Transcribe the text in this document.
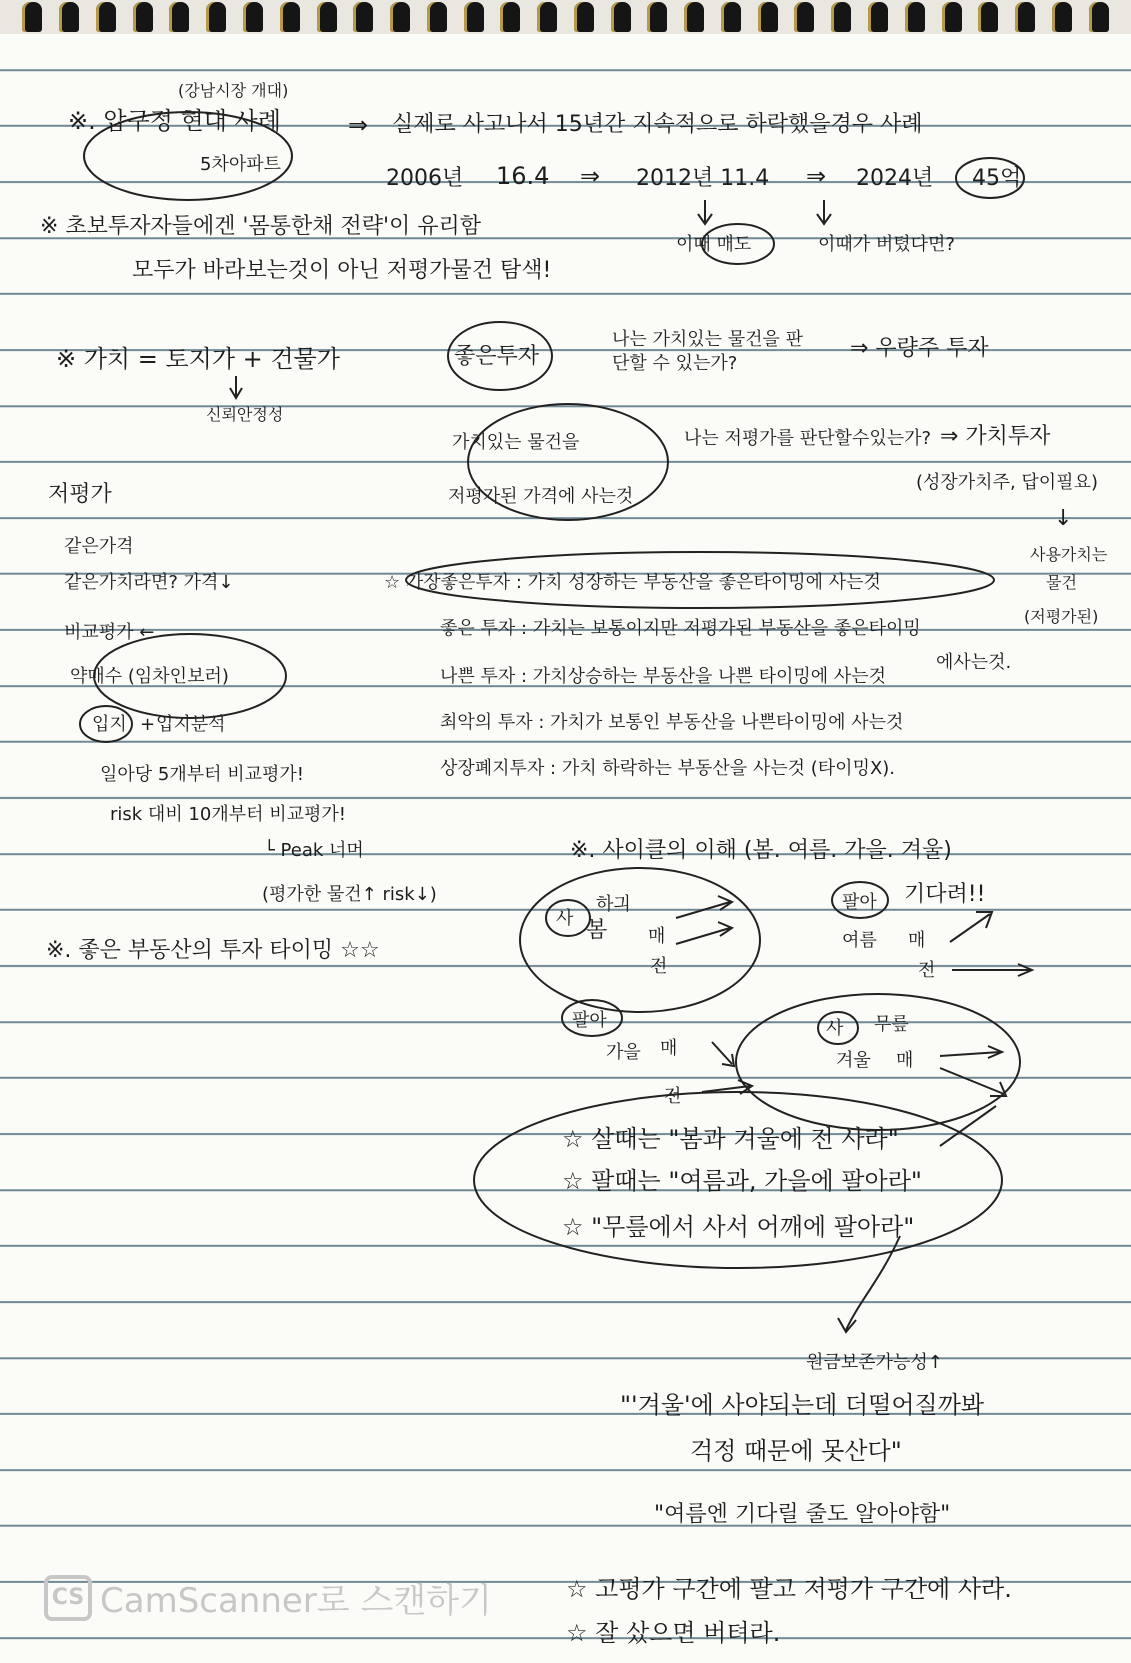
(강남시장 개대)
※. 압구정 현대 사례
5차아파트
⇒ 실제로 사고나서 15년간 지속적으로 하락했을경우 사례
2006년 16.4 ⇒ 2012년 11.4 ⇒ 2024년 45억
이때 매도	이때가 버텼다면?
※ 초보투자자들에겐 '몸통한채 전략'이 유리함
모두가 바라보는것이 아닌 저평가물건 탐색!
※ 가치 = 토지가 + 건물가
신뢰안정성
좋은투자
나는 가치있는 물건을 판단할 수 있는가?
⇒ 우량주 투자
가치있는 물건을
저평가된 가격에 사는것
나는 저평가를 판단할수있는가? ⇒ 가치투자
(성장가치주, 답이필요)
↓
사용가치는
물건
(저평가된)
저평가
같은가격
같은가치라면? 가격↓
비교평가 ←
약매수 (임차인보러)
입지 + 입지분석
일아당 5개부터 비교평가!
risk 대비 10개부터 비교평가!
└ Peak 너머
(평가한 물건↑ risk↓)
※. 좋은 부동산의 투자 타이밍 ☆☆
☆ 가장좋은투자 : 가치 성장하는 부동산을 좋은타이밍에 사는것
좋은 투자 : 가치는 보통이지만 저평가된 부동산을 좋은타이밍
에사는것.
나쁜 투자 : 가치상승하는 부동산을 나쁜 타이밍에 사는것
최악의 투자 : 가치가 보통인 부동산을 나쁜타이밍에 사는것
상장폐지투자 : 가치 하락하는 부동산을 사는것 (타이밍X).
※. 사이클의 이해 (봄. 여름. 가을. 겨울)
사
하긔
봄 매
전
팔아 기다려!!
여름 매
전
팔아
가을 매
전
사 무릎
겨울 매
☆ 살때는 "봄과 겨울에 전 사라"
☆ 팔때는 "여름과, 가을에 팔아라"
☆ "무릎에서 사서 어깨에 팔아라"
원금보존가능성↑
"'겨울'에 사야되는데 더떨어질까봐
걱정 때문에 못산다"
"여름엔 기다릴 줄도 알아야함"
☆ 고평가 구간에 팔고 저평가 구간에 사라.
☆ 잘 샀으면 버텨라.
CS CamScanner로 스캔하기
